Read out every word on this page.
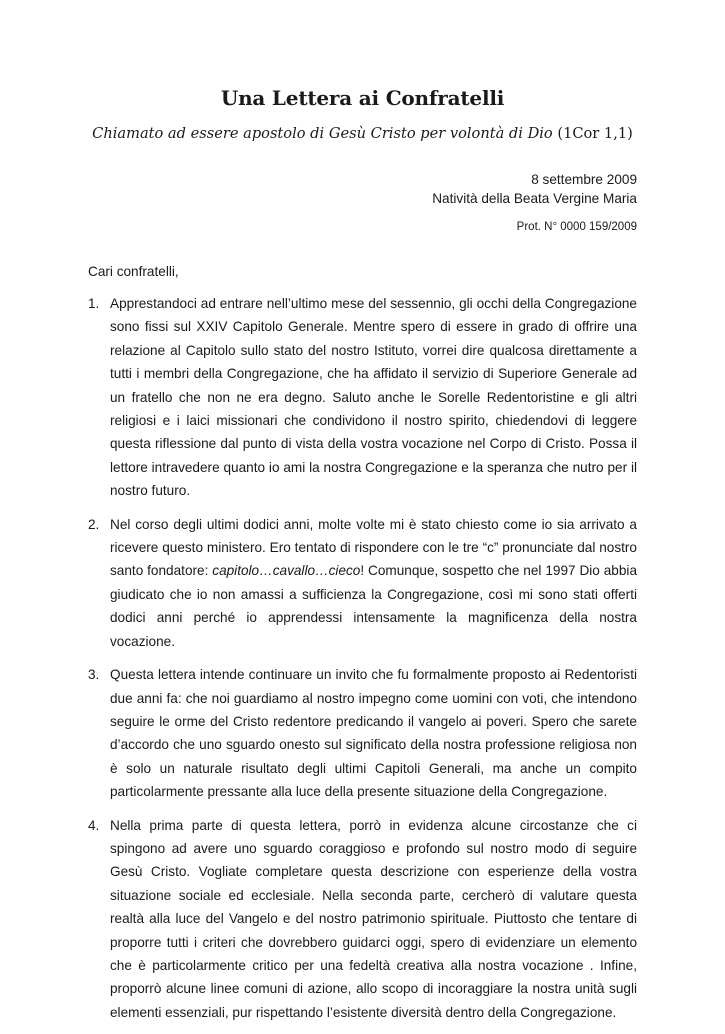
Una Lettera ai Confratelli
Chiamato ad essere apostolo di Gesù Cristo per volontà di Dio (1Cor 1,1)
8 settembre 2009
Natività della Beata Vergine Maria
Prot. N° 0000 159/2009
Cari confratelli,
1. Apprestandoci ad entrare nell’ultimo mese del sessennio, gli occhi della Congregazione sono fissi sul XXIV Capitolo Generale. Mentre spero di essere in grado di offrire una relazione al Capitolo sullo stato del nostro Istituto, vorrei dire qualcosa direttamente a tutti i membri della Congregazione, che ha affidato il servizio di Superiore Generale ad un fratello che non ne era degno. Saluto anche le Sorelle Redentoristine e gli altri religiosi e i laici missionari che condividono il nostro spirito, chiedendovi di leggere questa riflessione dal punto di vista della vostra vocazione nel Corpo di Cristo. Possa il lettore intravedere quanto io ami la nostra Congregazione e la speranza che nutro per il nostro futuro.
2. Nel corso degli ultimi dodici anni, molte volte mi è stato chiesto come io sia arrivato a ricevere questo ministero. Ero tentato di rispondere con le tre “c” pronunciate dal nostro santo fondatore: capitolo…cavallo…cieco! Comunque, sospetto che nel 1997 Dio abbia giudicato che io non amassi a sufficienza la Congregazione, così mi sono stati offerti dodici anni perché io apprendessi intensamente la magnificenza della nostra vocazione.
3. Questa lettera intende continuare un invito che fu formalmente proposto ai Redentoristi due anni fa: che noi guardiamo al nostro impegno come uomini con voti, che intendono seguire le orme del Cristo redentore predicando il vangelo ai poveri. Spero che sarete d’accordo che uno sguardo onesto sul significato della nostra professione religiosa non è solo un naturale risultato degli ultimi Capitoli Generali, ma anche un compito particolarmente pressante alla luce della presente situazione della Congregazione.
4. Nella prima parte di questa lettera, porrò in evidenza alcune circostanze che ci spingono ad avere uno sguardo coraggioso e profondo sul nostro modo di seguire Gesù Cristo. Vogliate completare questa descrizione con esperienze della vostra situazione sociale ed ecclesiale. Nella seconda parte, cercherò di valutare questa realtà alla luce del Vangelo e del nostro patrimonio spirituale. Piuttosto che tentare di proporre tutti i criteri che dovrebbero guidarci oggi, spero di evidenziare un elemento che è particolarmente critico per una fedeltà creativa alla nostra vocazione . Infine, proporrò alcune linee comuni di azione, allo scopo di incoraggiare la nostra unità sugli elementi essenziali, pur rispettando l’esistente diversità dentro della Congregazione.
